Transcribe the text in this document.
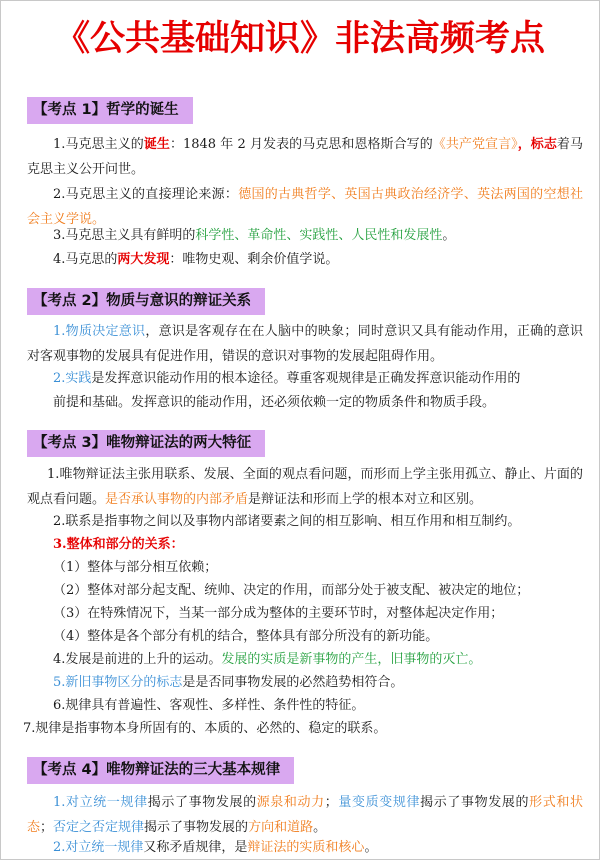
《公共基础知识》非法高频考点
【考点 1】哲学的诞生
1.马克思主义的诞生：1848 年 2 月发表的马克思和恩格斯合写的《共产党宣言》，标志着马克思主义公开问世。
2.马克思主义的直接理论来源：德国的古典哲学、英国古典政治经济学、英法两国的空想社会主义学说。
3.马克思主义具有鲜明的科学性、革命性、实践性、人民性和发展性。
4.马克思的两大发现：唯物史观、剩余价值学说。
【考点 2】物质与意识的辩证关系
1.物质决定意识，意识是客观存在在人脑中的映象；同时意识又具有能动作用，正确的意识对客观事物的发展具有促进作用，错误的意识对事物的发展起阻碍作用。
2.实践是发挥意识能动作用的根本途径。尊重客观规律是正确发挥意识能动作用的
前提和基础。发挥意识的能动作用，还必须依赖一定的物质条件和物质手段。
【考点 3】唯物辩证法的两大特征
1.唯物辩证法主张用联系、发展、全面的观点看问题，而形而上学主张用孤立、静止、片面的观点看问题。是否承认事物的内部矛盾是辩证法和形而上学的根本对立和区别。
2.联系是指事物之间以及事物内部诸要素之间的相互影响、相互作用和相互制约。
3.整体和部分的关系：
（1）整体与部分相互依赖；
（2）整体对部分起支配、统帅、决定的作用，而部分处于被支配、被决定的地位；
（3）在特殊情况下，当某一部分成为整体的主要环节时，对整体起决定作用；
（4）整体是各个部分有机的结合，整体具有部分所没有的新功能。
4.发展是前进的上升的运动。发展的实质是新事物的产生，旧事物的灭亡。
5.新旧事物区分的标志是是否同事物发展的必然趋势相符合。
6.规律具有普遍性、客观性、多样性、条件性的特征。
7.规律是指事物本身所固有的、本质的、必然的、稳定的联系。
【考点 4】唯物辩证法的三大基本规律
1.对立统一规律揭示了事物发展的源泉和动力；量变质变规律揭示了事物发展的形式和状态；否定之否定规律揭示了事物发展的方向和道路。
2.对立统一规律又称矛盾规律，是辩证法的实质和核心。
